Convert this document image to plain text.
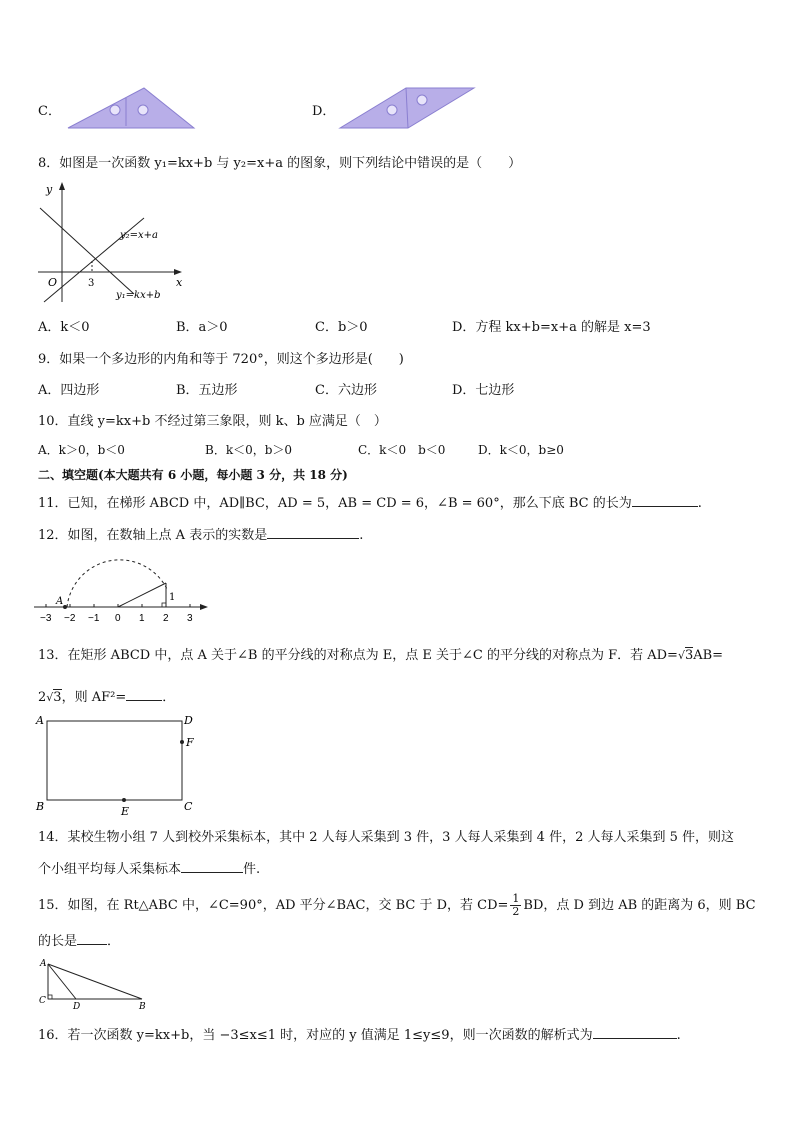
C．	D．
8．如图是一次函数 y₁=kx+b 与 y₂=x+a 的图象，则下列结论中错误的是（　　）
y
x
O	3
y₂=x+a
y₁=kx+b
A．k＜0	B．a＞0	C．b＞0	D．方程 kx+b=x+a 的解是 x=3
9．如果一个多边形的内角和等于 720°，则这个多边形是(　　)
A．四边形	B．五边形	C．六边形	D．七边形
10．直线 y=kx+b 不经过第三象限，则 k、b 应满足（　）
A．k＞0，b＜0	B．k＜0，b＞0	C．k＜0　b＜0	D．k＜0，b≥0
二、填空题(本大题共有 6 小题，每小题 3 分，共 18 分)
11．已知，在梯形 ABCD 中，AD∥BC，AD = 5，AB = CD = 6，∠B = 60°，那么下底 BC 的长为	.
12．如图，在数轴上点 A 表示的实数是	.
A	1
−3 −2 −1 0 1 2 3
13．在矩形 ABCD 中，点 A 关于∠B 的平分线的对称点为 E，点 E 关于∠C 的平分线的对称点为 F．若 AD=√3AB=
2√3，则 AF²=	．
A	D
B	C
E
F
14．某校生物小组 7 人到校外采集标本，其中 2 人每人采集到 3 件，3 人每人采集到 4 件，2 人每人采集到 5 件，则这
个小组平均每人采集标本	件.
15．如图，在 Rt△ABC 中，∠C=90°，AD 平分∠BAC，交 BC 于 D，若 $CD= \frac{1}{2}$ BD，点 D 到边 AB 的距离为 6，则 BC
的长是 ．
A
C
D	B
16．若一次函数 y=kx+b，当 −3≤x≤1 时，对应的 y 值满足 1≤y≤9，则一次函数的解析式为	.
